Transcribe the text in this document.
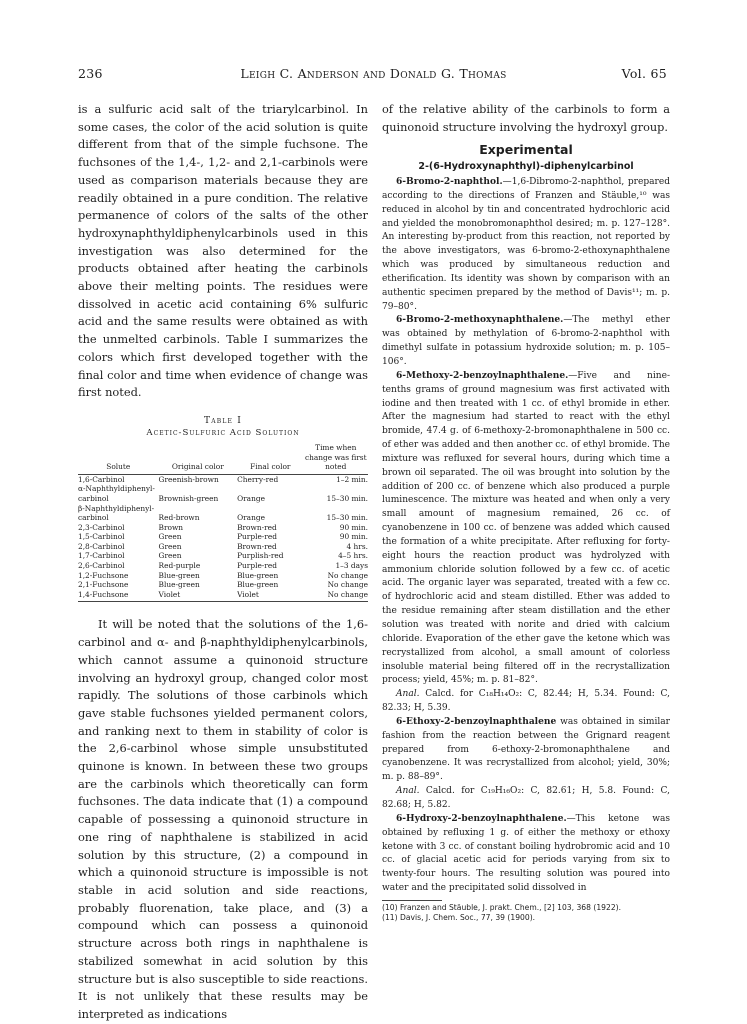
236	Leigh C. Anderson and Donald G. Thomas	Vol. 65

is a sulfuric acid salt of the triarylcarbinol. In some cases, the color of the acid solution is quite different from that of the simple fuchsone. The fuchsones of the 1,4-, 1,2- and 2,1-carbinols were used as comparison materials because they are readily obtained in a pure condition. The relative permanence of colors of the salts of the other hydroxynaphthyldiphenylcarbinols used in this investigation was also determined for the products obtained after heating the carbinols above their melting points. The residues were dissolved in acetic acid containing 6% sulfuric acid and the same results were obtained as with the unmelted carbinols. Table I summarizes the colors which first developed together with the final color and time when evidence of change was first noted.

Table I
Acetic-Sulfuric Acid Solution
Solute	Original color	Final color	Time when change was first noted
1,6-Carbinol	Greenish-brown	Cherry-red	1–2 min.
α-Naphthyldiphenyl-			
carbinol	Brownish-green	Orange	15–30 min.
β-Naphthyldiphenyl-			
carbinol	Red-brown	Orange	15–30 min.
2,3-Carbinol	Brown	Brown-red	90 min.
1,5-Carbinol	Green	Purple-red	90 min.
2,8-Carbinol	Green	Brown-red	4 hrs.
1,7-Carbinol	Green	Purplish-red	4–5 hrs.
2,6-Carbinol	Red-purple	Purple-red	1–3 days
1,2-Fuchsone	Blue-green	Blue-green	No change
2,1-Fuchsone	Blue-green	Blue-green	No change
1,4-Fuchsone	Violet	Violet	No change

It will be noted that the solutions of the 1,6-carbinol and α- and β-naphthyldiphenylcarbinols, which cannot assume a quinonoid structure involving an hydroxyl group, changed color most rapidly. The solutions of those carbinols which gave stable fuchsones yielded permanent colors, and ranking next to them in stability of color is the 2,6-carbinol whose simple unsubstituted quinone is known. In between these two groups are the carbinols which theoretically can form fuchsones. The data indicate that (1) a compound capable of possessing a quinonoid structure in one ring of naphthalene is stabilized in acid solution by this structure, (2) a compound in which a quinonoid structure is impossible is not stable in acid solution and side reactions, probably fluorenation, take place, and (3) a compound which can possess a quinonoid structure across both rings in naphthalene is stabilized somewhat in acid solution by this structure but is also susceptible to side reactions. It is not unlikely that these results may be interpreted as indications

of the relative ability of the carbinols to form a quinonoid structure involving the hydroxyl group.

Experimental
2-(6-Hydroxynaphthyl)-diphenylcarbinol

6-Bromo-2-naphthol.—1,6-Dibromo-2-naphthol, prepared according to the directions of Franzen and Stäuble,¹⁰ was reduced in alcohol by tin and concentrated hydrochloric acid and yielded the monobromonaphthol desired; m. p. 127–128°. An interesting by-product from this reaction, not reported by the above investigators, was 6-bromo-2-ethoxynaphthalene which was produced by simultaneous reduction and etherification. Its identity was shown by comparison with an authentic specimen prepared by the method of Davis¹¹; m. p. 79–80°.

6-Bromo-2-methoxynaphthalene.—The methyl ether was obtained by methylation of 6-bromo-2-naphthol with dimethyl sulfate in potassium hydroxide solution; m. p. 105–106°.

6-Methoxy-2-benzoylnaphthalene.—Five and nine-tenths grams of ground magnesium was first activated with iodine and then treated with 1 cc. of ethyl bromide in ether. After the magnesium had started to react with the ethyl bromide, 47.4 g. of 6-methoxy-2-bromonaphthalene in 500 cc. of ether was added and then another cc. of ethyl bromide. The mixture was refluxed for several hours, during which time a brown oil separated. The oil was brought into solution by the addition of 200 cc. of benzene which also produced a purple luminescence. The mixture was heated and when only a very small amount of magnesium remained, 26 cc. of cyanobenzene in 100 cc. of benzene was added which caused the formation of a white precipitate. After refluxing for forty-eight hours the reaction product was hydrolyzed with ammonium chloride solution followed by a few cc. of acetic acid. The organic layer was separated, treated with a few cc. of hydrochloric acid and steam distilled. Ether was added to the residue remaining after steam distillation and the ether solution was treated with norite and dried with calcium chloride. Evaporation of the ether gave the ketone which was recrystallized from alcohol, a small amount of colorless insoluble material being filtered off in the recrystallization process; yield, 45%; m. p. 81–82°.

Anal. Calcd. for C₁₈H₁₄O₂: C, 82.44; H, 5.34. Found: C, 82.33; H, 5.39.

6-Ethoxy-2-benzoylnaphthalene was obtained in similar fashion from the reaction between the Grignard reagent prepared from 6-ethoxy-2-bromonaphthalene and cyanobenzene. It was recrystallized from alcohol; yield, 30%; m. p. 88–89°.

Anal. Calcd. for C₁₉H₁₆O₂: C, 82.61; H, 5.8. Found: C, 82.68; H, 5.82.

6-Hydroxy-2-benzoylnaphthalene.—This ketone was obtained by refluxing 1 g. of either the methoxy or ethoxy ketone with 3 cc. of constant boiling hydrobromic acid and 10 cc. of glacial acetic acid for periods varying from six to twenty-four hours. The resulting solution was poured into water and the precipitated solid dissolved in

(10) Franzen and Stäuble, J. prakt. Chem., [2] 103, 368 (1922).

(11) Davis, J. Chem. Soc., 77, 39 (1900).
